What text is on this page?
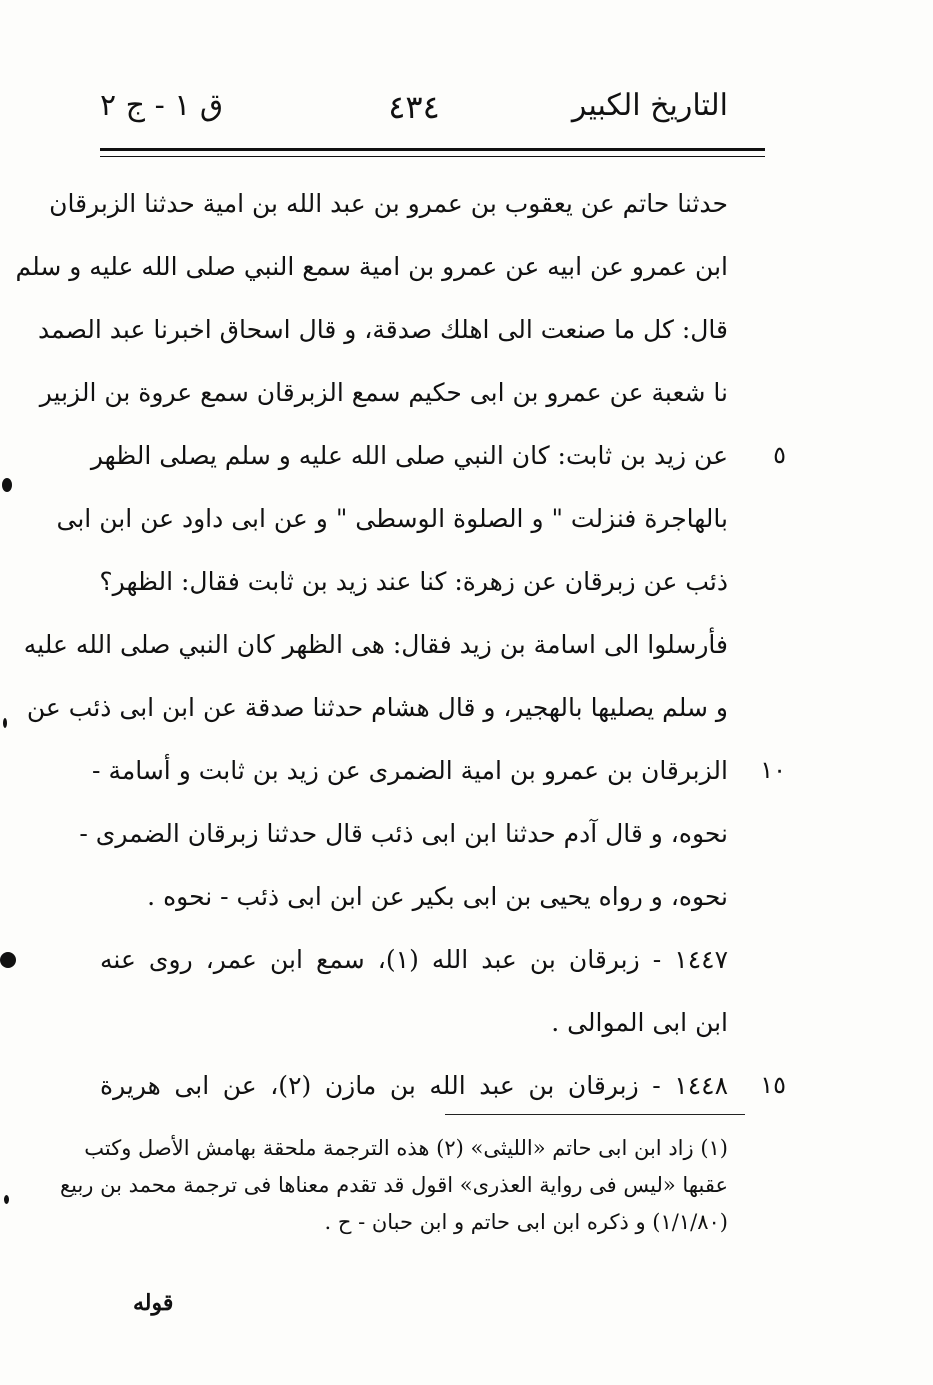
التاريخ الكبير
٤٣٤
ق ١ - ج ٢
حدثنا حاتم عن يعقوب بن عمرو بن عبد الله بن امية حدثنا الزبرقان
ابن عمرو عن ابيه عن عمرو بن امية سمع النبي صلى الله عليه و سلم
قال: كل ما صنعت الى اهلك صدقة، و قال اسحاق اخبرنا عبد الصمد
نا شعبة عن عمرو بن ابى حكيم سمع الزبرقان سمع عروة بن الزبير
٥
عن زيد بن ثابت: كان النبي صلى الله عليه و سلم يصلى الظهر
بالهاجرة فنزلت " و الصلوة الوسطى " و عن ابى داود عن ابن ابى
ذئب عن زبرقان عن زهرة: كنا عند زيد بن ثابت فقال: الظهر؟
فأرسلوا الى اسامة بن زيد فقال: هى الظهر كان النبي صلى الله عليه
و سلم يصليها بالهجير، و قال هشام حدثنا صدقة عن ابن ابى ذئب عن
١٠
الزبرقان بن عمرو بن امية الضمرى عن زيد بن ثابت و أسامة -
نحوه، و قال آدم حدثنا ابن ابى ذئب قال حدثنا زبرقان الضمرى -
نحوه، و رواه يحيى بن ابى بكير عن ابن ابى ذئب - نحوه .
١٤٤٧ - زبرقان بن عبد الله (١)، سمع ابن عمر، روى عنه
ابن ابى الموالى .
١٥
١٤٤٨ - زبرقان بن عبد الله بن مازن (٢)، عن ابى هريرة
(١) زاد ابن ابى حاتم «الليثى» (٢) هذه الترجمة ملحقة بهامش الأصل وكتب
عقبها «ليس فى رواية العذرى» اقول قد تقدم معناها فى ترجمة محمد بن ربيع
(١/١/٨٠) و ذكره ابن ابى حاتم و ابن حبان - ح .
قوله
